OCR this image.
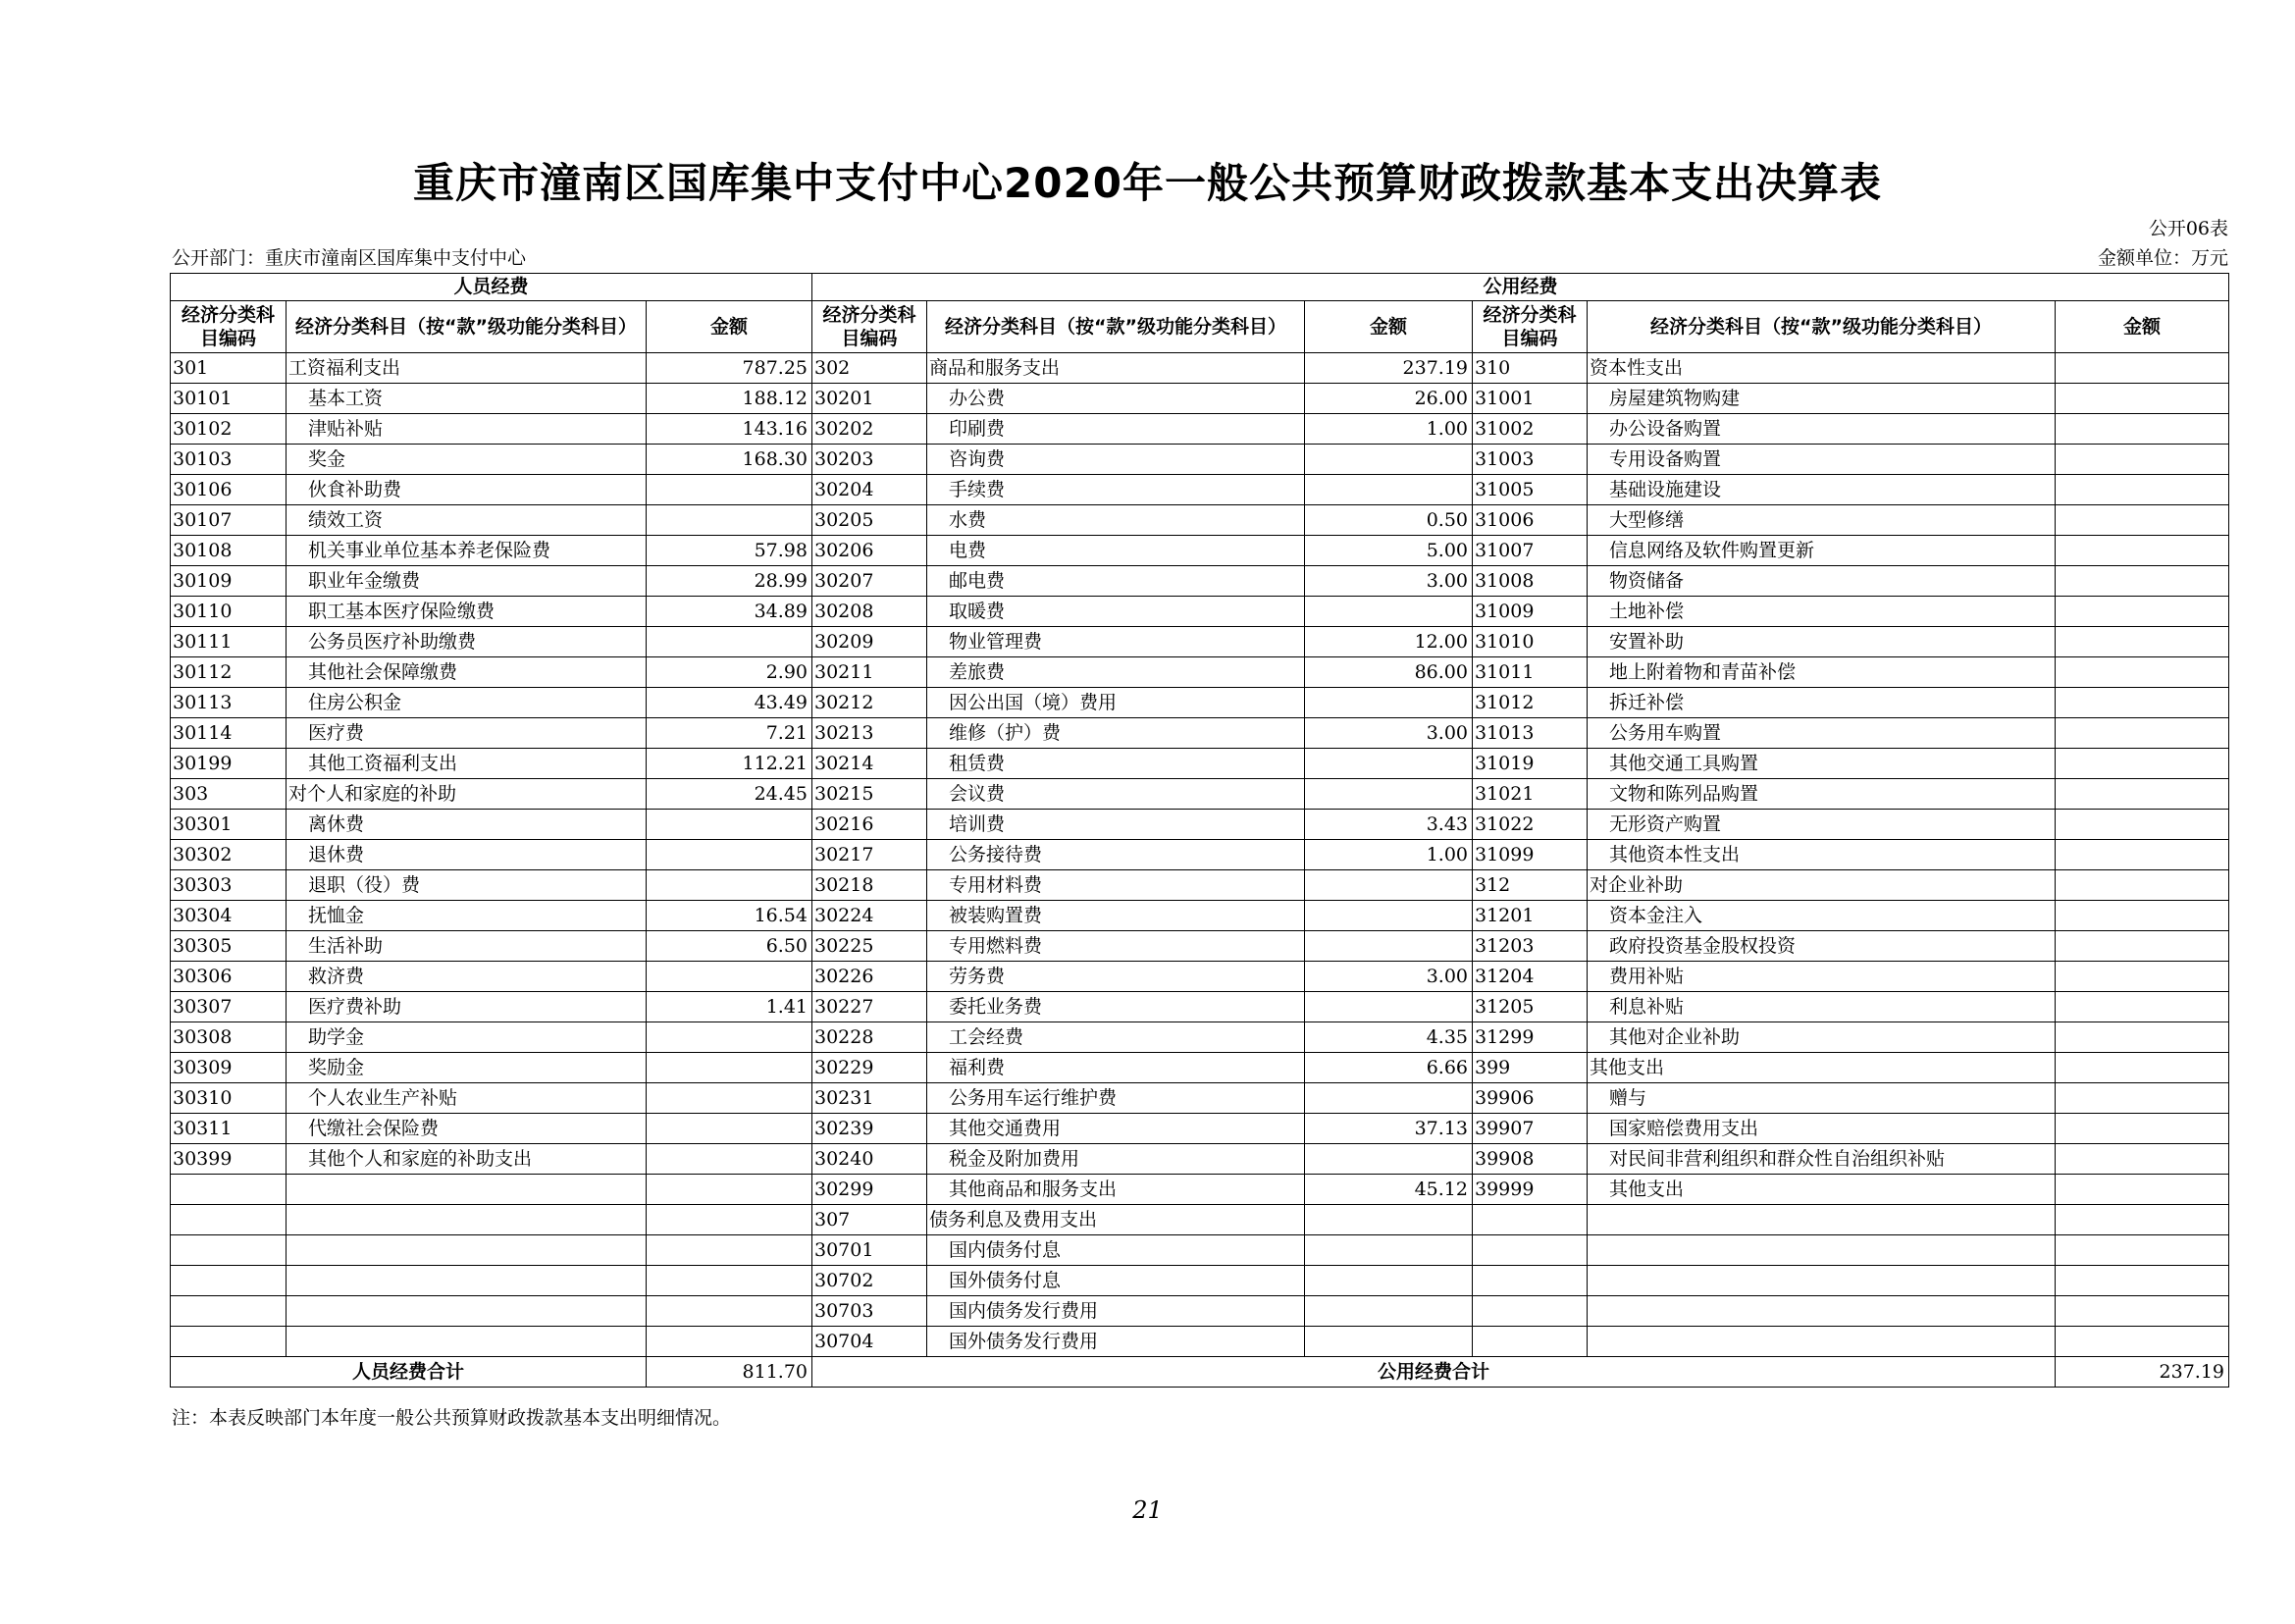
重庆市潼南区国库集中支付中心2020年一般公共预算财政拨款基本支出决算表
公开06表
公开部门：重庆市潼南区国库集中支付中心	金额单位：万元
人员经费			公用经费					
经济分类科目编码	经济分类科目（按“款”级功能分类科目）	金额	经济分类科目编码	经济分类科目（按“款”级功能分类科目）	金额	经济分类科目编码	经济分类科目（按“款”级功能分类科目）	金额
301	工资福利支出	787.25	302	商品和服务支出	237.19	310	资本性支出	
30101	基本工资	188.12	30201	办公费	26.00	31001	房屋建筑物购建	
30102	津贴补贴	143.16	30202	印刷费	1.00	31002	办公设备购置	
30103	奖金	168.30	30203	咨询费		31003	专用设备购置	
30106	伙食补助费		30204	手续费		31005	基础设施建设	
30107	绩效工资		30205	水费	0.50	31006	大型修缮	
30108	机关事业单位基本养老保险费	57.98	30206	电费	5.00	31007	信息网络及软件购置更新	
30109	职业年金缴费	28.99	30207	邮电费	3.00	31008	物资储备	
30110	职工基本医疗保险缴费	34.89	30208	取暖费		31009	土地补偿	
30111	公务员医疗补助缴费		30209	物业管理费	12.00	31010	安置补助	
30112	其他社会保障缴费	2.90	30211	差旅费	86.00	31011	地上附着物和青苗补偿	
30113	住房公积金	43.49	30212	因公出国（境）费用		31012	拆迁补偿	
30114	医疗费	7.21	30213	维修（护）费	3.00	31013	公务用车购置	
30199	其他工资福利支出	112.21	30214	租赁费		31019	其他交通工具购置	
303	对个人和家庭的补助	24.45	30215	会议费		31021	文物和陈列品购置	
30301	离休费		30216	培训费	3.43	31022	无形资产购置	
30302	退休费		30217	公务接待费	1.00	31099	其他资本性支出	
30303	退职（役）费		30218	专用材料费		312	对企业补助	
30304	抚恤金	16.54	30224	被装购置费		31201	资本金注入	
30305	生活补助	6.50	30225	专用燃料费		31203	政府投资基金股权投资	
30306	救济费		30226	劳务费	3.00	31204	费用补贴	
30307	医疗费补助	1.41	30227	委托业务费		31205	利息补贴	
30308	助学金		30228	工会经费	4.35	31299	其他对企业补助	
30309	奖励金		30229	福利费	6.66	399	其他支出	
30310	个人农业生产补贴		30231	公务用车运行维护费		39906	赠与	
30311	代缴社会保险费		30239	其他交通费用	37.13	39907	国家赔偿费用支出	
30399	其他个人和家庭的补助支出		30240	税金及附加费用		39908	对民间非营利组织和群众性自治组织补贴	
			30299	其他商品和服务支出	45.12	39999	其他支出	
			307	债务利息及费用支出				
			30701	国内债务付息				
			30702	国外债务付息				
			30703	国内债务发行费用				
			30704	国外债务发行费用				
人员经费合计		811.70	公用经费合计					237.19
注：本表反映部门本年度一般公共预算财政拨款基本支出明细情况。
21
